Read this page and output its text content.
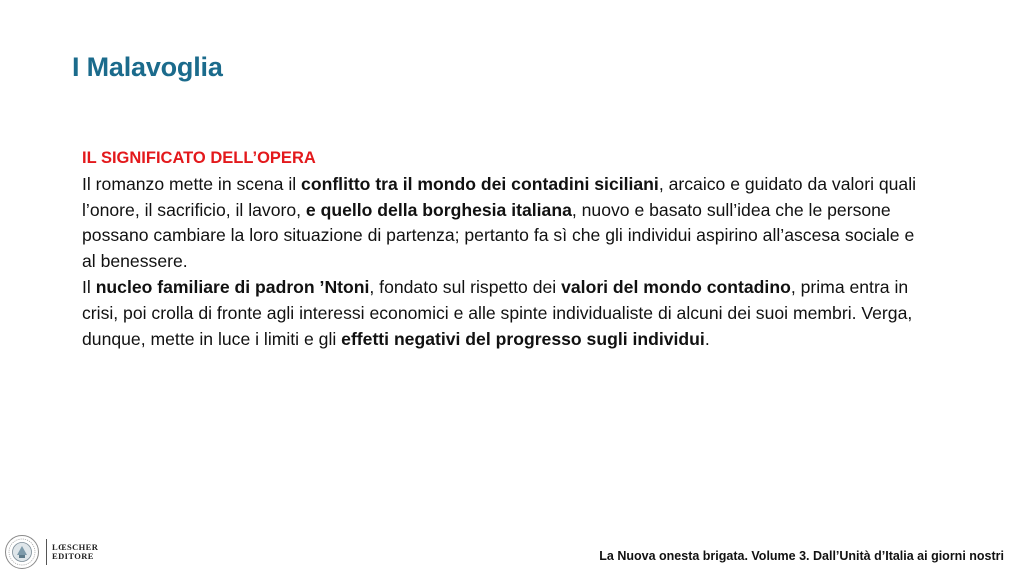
I Malavoglia
IL SIGNIFICATO DELL’OPERA

Il romanzo mette in scena il conflitto tra il mondo dei contadini siciliani, arcaico e guidato da valori quali l’onore, il sacrificio, il lavoro, e quello della borghesia italiana, nuovo e basato sull’idea che le persone possano cambiare la loro situazione di partenza; pertanto fa sì che gli individui aspirino all’ascesa sociale e al benessere.

Il nucleo familiare di padron ’Ntoni, fondato sul rispetto dei valori del mondo contadino, prima entra in crisi, poi crolla di fronte agli interessi economici e alle spinte individualiste di alcuni dei suoi membri. Verga, dunque, mette in luce i limiti e gli effetti negativi del progresso sugli individui.

LŒSCHER
EDITORE	La Nuova onesta brigata. Volume 3. Dall’Unità d’Italia ai giorni nostri
